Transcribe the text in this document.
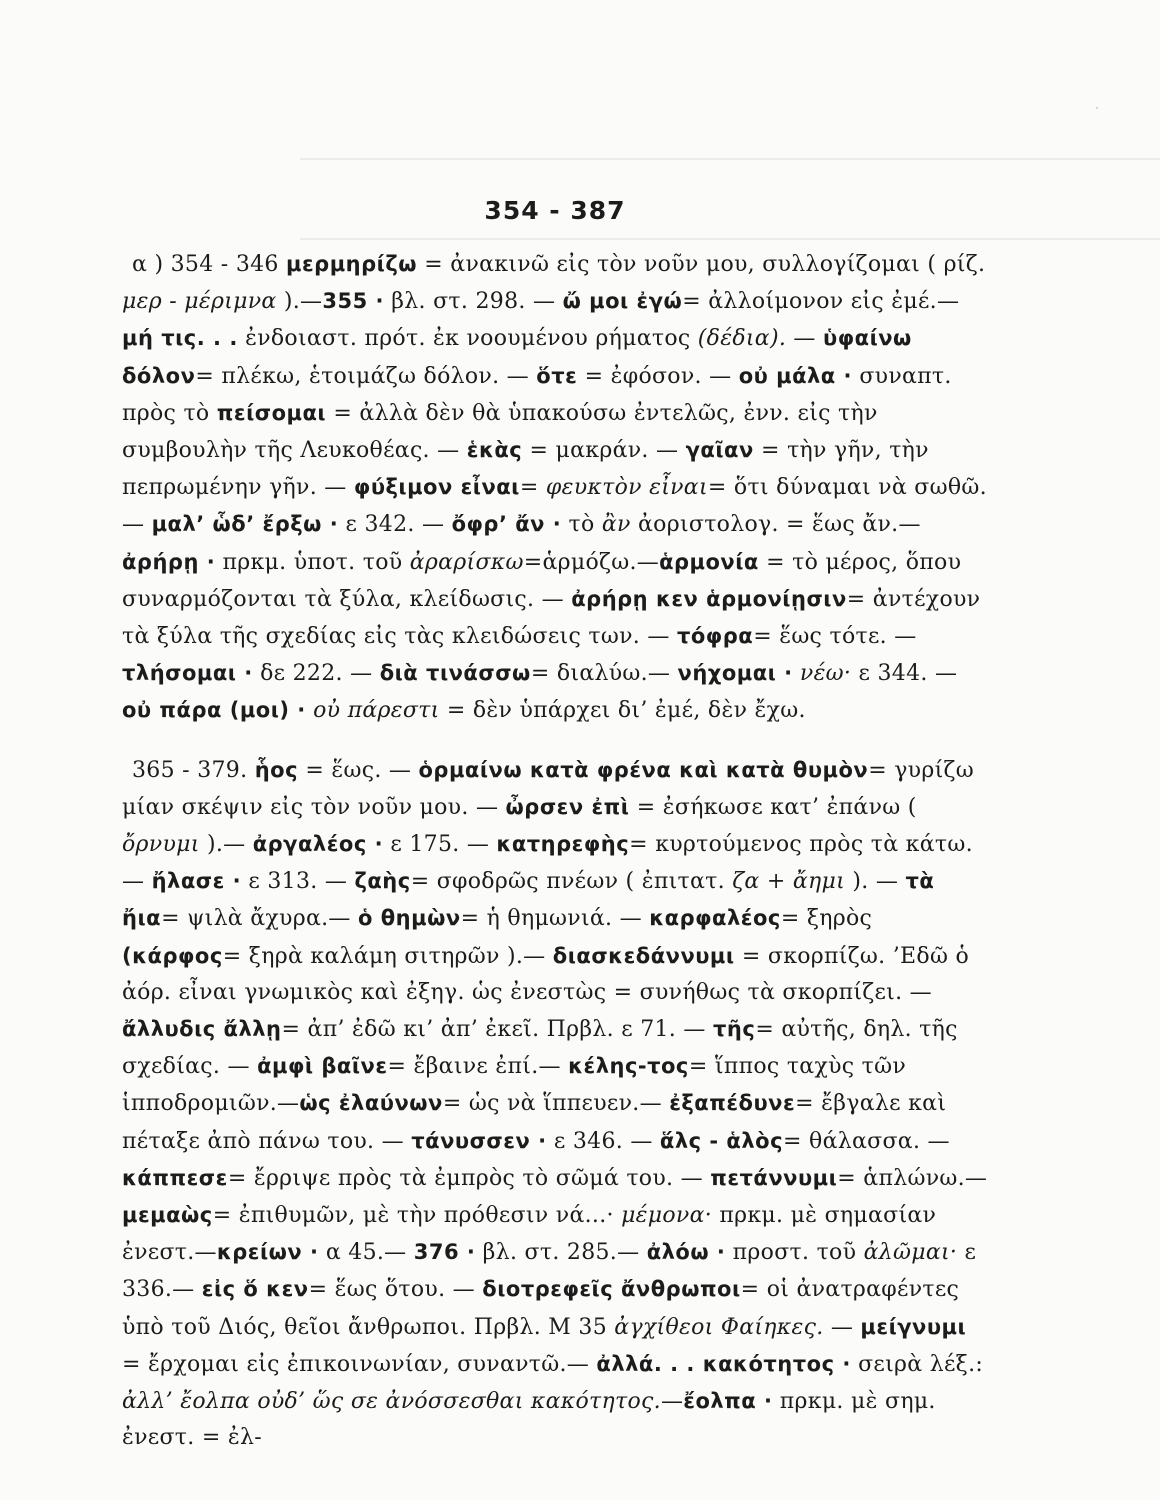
·
354 - 387

α ) 354 - 346 μερμηρίζω = ἀνακινῶ εἰς τὸν νοῦν μου, συλλογίζομαι ( ρίζ. μερ - μέριμνα ).—355 · βλ. στ. 298. — ὤ μοι ἐγώ= ἀλλοίμονον εἰς ἐμέ.—μή τις. . . ἐνδοιαστ. πρότ. ἐκ νοουμένου ρήματος (δέδια). — ὑφαίνω δόλον= πλέκω, ἑτοιμάζω δόλον. — ὅτε = ἐφόσον. — οὐ μάλα · συναπτ. πρὸς τὸ πείσομαι = ἀλλὰ δὲν θὰ ὑπακούσω ἐντελῶς, ἐνν. εἰς τὴν συμβουλὴν τῆς Λευκοθέας. — ἑκὰς = μακράν. — γαῖαν = τὴν γῆν, τὴν πεπρωμένην γῆν. — φύξιμον εἶναι= φευκτὸν εἶναι= ὅτι δύναμαι νὰ σωθῶ.— μαλ’ ὧδ’ ἔρξω · ε 342. — ὄφρ’ ἄν · τὸ ἂν ἀοριστολογ. = ἕως ἄν.—ἀρήρῃ · πρκμ. ὑποτ. τοῦ ἀραρίσκω=ἁρμόζω.—ἁρμονία = τὸ μέρος, ὅπου συναρμόζονται τὰ ξύλα, κλείδωσις. — ἀρήρῃ κεν ἁρμονίῃσιν= ἀντέχουν τὰ ξύλα τῆς σχεδίας εἰς τὰς κλειδώσεις των. — τόφρα= ἕως τότε. — τλήσομαι · δε 222. — διὰ τινάσσω= διαλύω.— νήχομαι · νέω· ε 344. — οὐ πάρα (μοι) · οὐ πάρεστι = δὲν ὑπάρχει δι’ ἐμέ, δὲν ἔχω.

365 - 379. ἧος = ἕως. — ὁρμαίνω κατὰ φρένα καὶ κατὰ θυμὸν= γυρίζω μίαν σκέψιν εἰς τὸν νοῦν μου. — ὦρσεν ἐπὶ = ἐσήκωσε κατ’ ἐπάνω ( ὄρνυμι ).— ἀργαλέος · ε 175. — κατηρεφὴς= κυρτούμενος πρὸς τὰ κάτω.— ἤλασε · ε 313. — ζαὴς= σφοδρῶς πνέων ( ἐπιτατ. ζα + ἄημι ). — τὰ ἤια= ψιλὰ ἄχυρα.— ὁ θημὼν= ἡ θημωνιά. — καρφαλέος= ξηρὸς (κάρφος= ξηρὰ καλάμη σιτηρῶν ).— διασκεδάννυμι = σκορπίζω. ’Εδῶ ὁ ἀόρ. εἶναι γνωμικὸς καὶ ἐξηγ. ὡς ἐνεστὼς = συνήθως τὰ σκορπίζει. — ἄλλυδις ἄλλῃ= ἀπ’ ἐδῶ κι’ ἀπ’ ἐκεῖ. Πρβλ. ε 71. — τῆς= αὐτῆς, δηλ. τῆς σχεδίας. — ἀμφὶ βαῖνε= ἔβαινε ἐπί.— κέλης-τος= ἵππος ταχὺς τῶν ἱπποδρομιῶν.—ὡς ἐλαύνων= ὡς νὰ ἵππευεν.— ἐξαπέδυνε= ἔβγαλε καὶ πέταξε ἀπὸ πάνω του. — τάνυσσεν · ε 346. — ἅλς - ἁλὸς= θάλασσα. — κάππεσε= ἔρριψε πρὸς τὰ ἐμπρὸς τὸ σῶμά του. — πετάννυμι= ἁπλώνω.— μεμαὼς= ἐπιθυμῶν, μὲ τὴν πρόθεσιν νά...· μέμονα· πρκμ. μὲ σημασίαν ἐνεστ.—κρείων · α 45.— 376 · βλ. στ. 285.— ἀλόω · προστ. τοῦ ἀλῶμαι· ε 336.— εἰς ὅ κεν= ἕως ὅτου. — διοτρεφεῖς ἄνθρωποι= οἱ ἀνατραφέντες ὑπὸ τοῦ Διός, θεῖοι ἄνθρωποι. Πρβλ. Μ 35 ἀγχίθεοι Φαίηκες. — μείγνυμι = ἔρχομαι εἰς ἐπικοινωνίαν, συναντῶ.— ἀλλά. . . κακότητος · σειρὰ λέξ.: ἀλλ’ ἔολπα οὐδ’ ὥς σε ἀνόσσεσθαι κακότητος.—ἔολπα · πρκμ. μὲ σημ. ἐνεστ. = ἐλ-
